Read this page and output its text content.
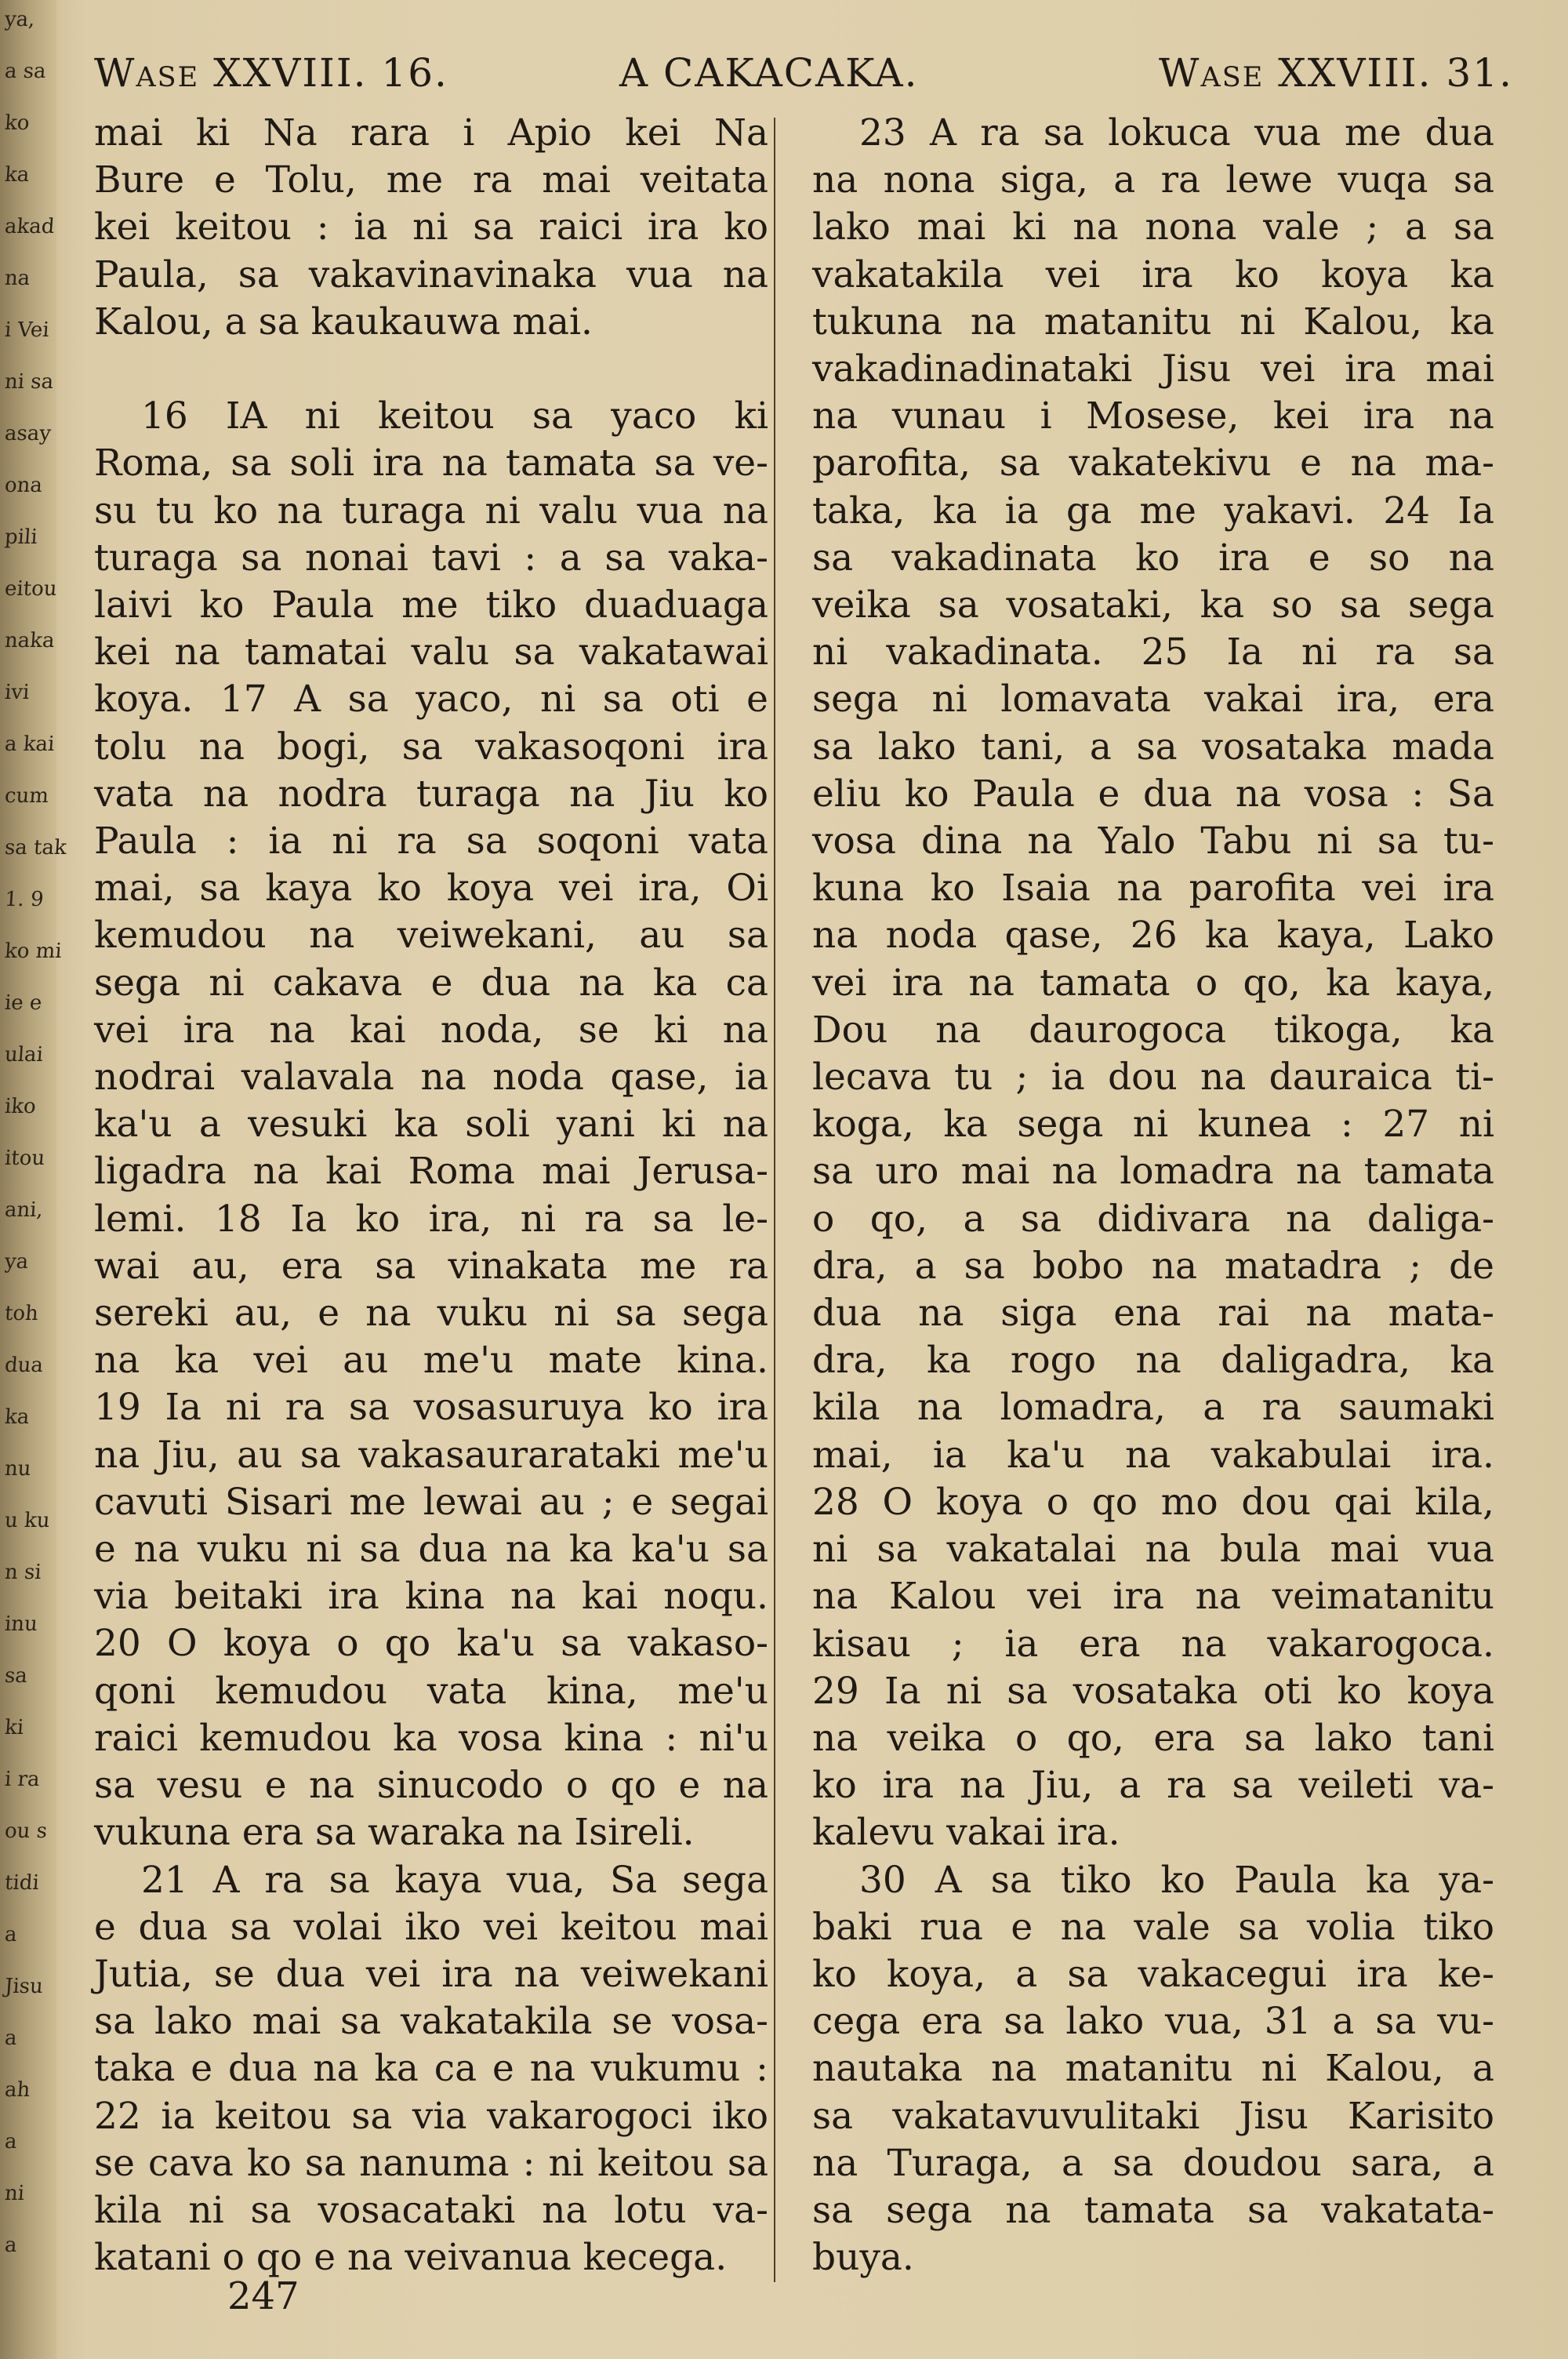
ya,
a sa
ko
ka
akad
na
i Vei
ni sa
asay
ona
pili
eitou
naka
ivi
a kai
cum
sa tak
1. 9
ko mi
ie e
ulai
iko
itou
ani,
ya
toh
dua
ka
nu
u ku
n si
inu
sa
ki
i ra
ou s
tidi
a
Jisu
a
ah
a
ni
a
Wase XXVIII. 16.	A CAKACAKA.	Wase XXVIII. 31.
mai ki Na rara i Apio kei Na
Bure e Tolu, me ra mai veitata
kei keitou : ia ni sa raici ira ko
Paula, sa vakavinavinaka vua na
Kalou, a sa kaukauwa mai.
16 IA ni keitou sa yaco ki
Roma, sa soli ira na tamata sa ve-
su tu ko na turaga ni valu vua na
turaga sa nonai tavi : a sa vaka-
laivi ko Paula me tiko duaduaga
kei na tamatai valu sa vakatawai
koya. 17 A sa yaco, ni sa oti e
tolu na bogi, sa vakasoqoni ira
vata na nodra turaga na Jiu ko
Paula : ia ni ra sa soqoni vata
mai, sa kaya ko koya vei ira, Oi
kemudou na veiwekani, au sa
sega ni cakava e dua na ka ca
vei ira na kai noda, se ki na
nodrai valavala na noda qase, ia
ka'u a vesuki ka soli yani ki na
ligadra na kai Roma mai Jerusa-
lemi. 18 Ia ko ira, ni ra sa le-
wai au, era sa vinakata me ra
sereki au, e na vuku ni sa sega
na ka vei au me'u mate kina.
19 Ia ni ra sa vosasuruya ko ira
na Jiu, au sa vakasaurarataki me'u
cavuti Sisari me lewai au ; e segai
e na vuku ni sa dua na ka ka'u sa
via beitaki ira kina na kai noqu.
20 O koya o qo ka'u sa vakaso-
qoni kemudou vata kina, me'u
raici kemudou ka vosa kina : ni'u
sa vesu e na sinucodo o qo e na
vukuna era sa waraka na Isireli.
21 A ra sa kaya vua, Sa sega
e dua sa volai iko vei keitou mai
Jutia, se dua vei ira na veiwekani
sa lako mai sa vakatakila se vosa-
taka e dua na ka ca e na vukumu :
22 ia keitou sa via vakarogoci iko
se cava ko sa nanuma : ni keitou sa
kila ni sa vosacataki na lotu va-
katani o qo e na veivanua kecega.
23 A ra sa lokuca vua me dua
na nona siga, a ra lewe vuqa sa
lako mai ki na nona vale ; a sa
vakatakila vei ira ko koya ka
tukuna na matanitu ni Kalou, ka
vakadinadinataki Jisu vei ira mai
na vunau i Mosese, kei ira na
parofita, sa vakatekivu e na ma-
taka, ka ia ga me yakavi. 24 Ia
sa vakadinata ko ira e so na
veika sa vosataki, ka so sa sega
ni vakadinata. 25 Ia ni ra sa
sega ni lomavata vakai ira, era
sa lako tani, a sa vosataka mada
eliu ko Paula e dua na vosa : Sa
vosa dina na Yalo Tabu ni sa tu-
kuna ko Isaia na parofita vei ira
na noda qase, 26 ka kaya, Lako
vei ira na tamata o qo, ka kaya,
Dou na daurogoca tikoga, ka
lecava tu ; ia dou na dauraica ti-
koga, ka sega ni kunea : 27 ni
sa uro mai na lomadra na tamata
o qo, a sa didivara na daliga-
dra, a sa bobo na matadra ; de
dua na siga ena rai na mata-
dra, ka rogo na daligadra, ka
kila na lomadra, a ra saumaki
mai, ia ka'u na vakabulai ira.
28 O koya o qo mo dou qai kila,
ni sa vakatalai na bula mai vua
na Kalou vei ira na veimatanitu
kisau ; ia era na vakarogoca.
29 Ia ni sa vosataka oti ko koya
na veika o qo, era sa lako tani
ko ira na Jiu, a ra sa veileti va-
kalevu vakai ira.
30 A sa tiko ko Paula ka ya-
baki rua e na vale sa volia tiko
ko koya, a sa vakacegui ira ke-
cega era sa lako vua, 31 a sa vu-
nautaka na matanitu ni Kalou, a
sa vakatavuvulitaki Jisu Karisito
na Turaga, a sa doudou sara, a
sa sega na tamata sa vakatata-
buya.
247
